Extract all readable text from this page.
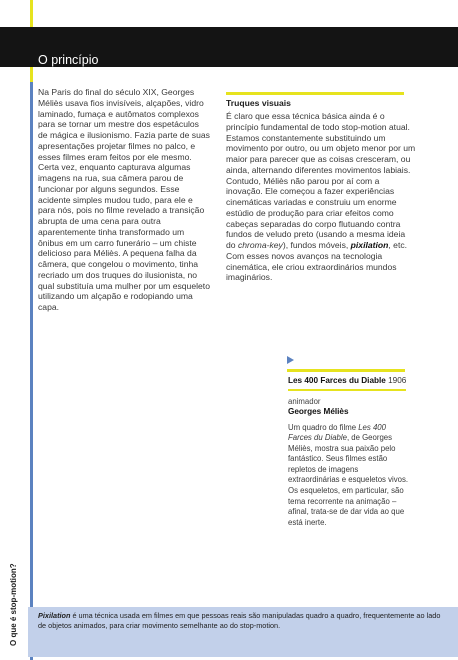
O princípio
Na Paris do final do século XIX, Georges Méliès usava fios invisíveis, alçapões, vidro laminado, fumaça e autômatos complexos para se tornar um mestre dos espetáculos de mágica e ilusionismo. Fazia parte de suas apresentações projetar filmes no palco, e esses filmes eram feitos por ele mesmo. Certa vez, enquanto capturava algumas imagens na rua, sua câmera parou de funcionar por alguns segundos. Esse acidente simples mudou tudo, para ele e para nós, pois no filme revelado a transição abrupta de uma cena para outra aparentemente tinha transformado um ônibus em um carro funerário – um chiste delicioso para Méliès. A pequena falha da câmera, que congelou o movimento, tinha recriado um dos truques do ilusionista, no qual substituía uma mulher por um esqueleto utilizando um alçapão e rodopiando uma capa.
Truques visuais
É claro que essa técnica básica ainda é o princípio fundamental de todo stop-motion atual. Estamos constantemente substituindo um movimento por outro, ou um objeto menor por um maior para parecer que as coisas cresceram, ou ainda, alternando diferentes movimentos labiais. Contudo, Méliès não parou por aí com a inovação. Ele começou a fazer experiências cinemáticas variadas e construiu um enorme estúdio de produção para criar efeitos como cabeças separadas do corpo flutuando contra fundos de veludo preto (usando a mesma ideia do chroma-key), fundos móveis, pixilation, etc. Com esses novos avanços na tecnologia cinemática, ele criou extraordinários mundos imaginários.
Les 400 Farces du Diable 1906
animador
Georges Méliès
Um quadro do filme Les 400 Farces du Diable, de Georges Méliès, mostra sua paixão pelo fantástico. Seus filmes estão repletos de imagens extraordinárias e esqueletos vivos. Os esqueletos, em particular, são tema recorrente na animação – afinal, trata-se de dar vida ao que está inerte.
O que é stop-motion?	Pixilation é uma técnica usada em filmes em que pessoas reais são manipuladas quadro a quadro, frequentemente ao lado de objetos animados, para criar movimento semelhante ao do stop-motion.
